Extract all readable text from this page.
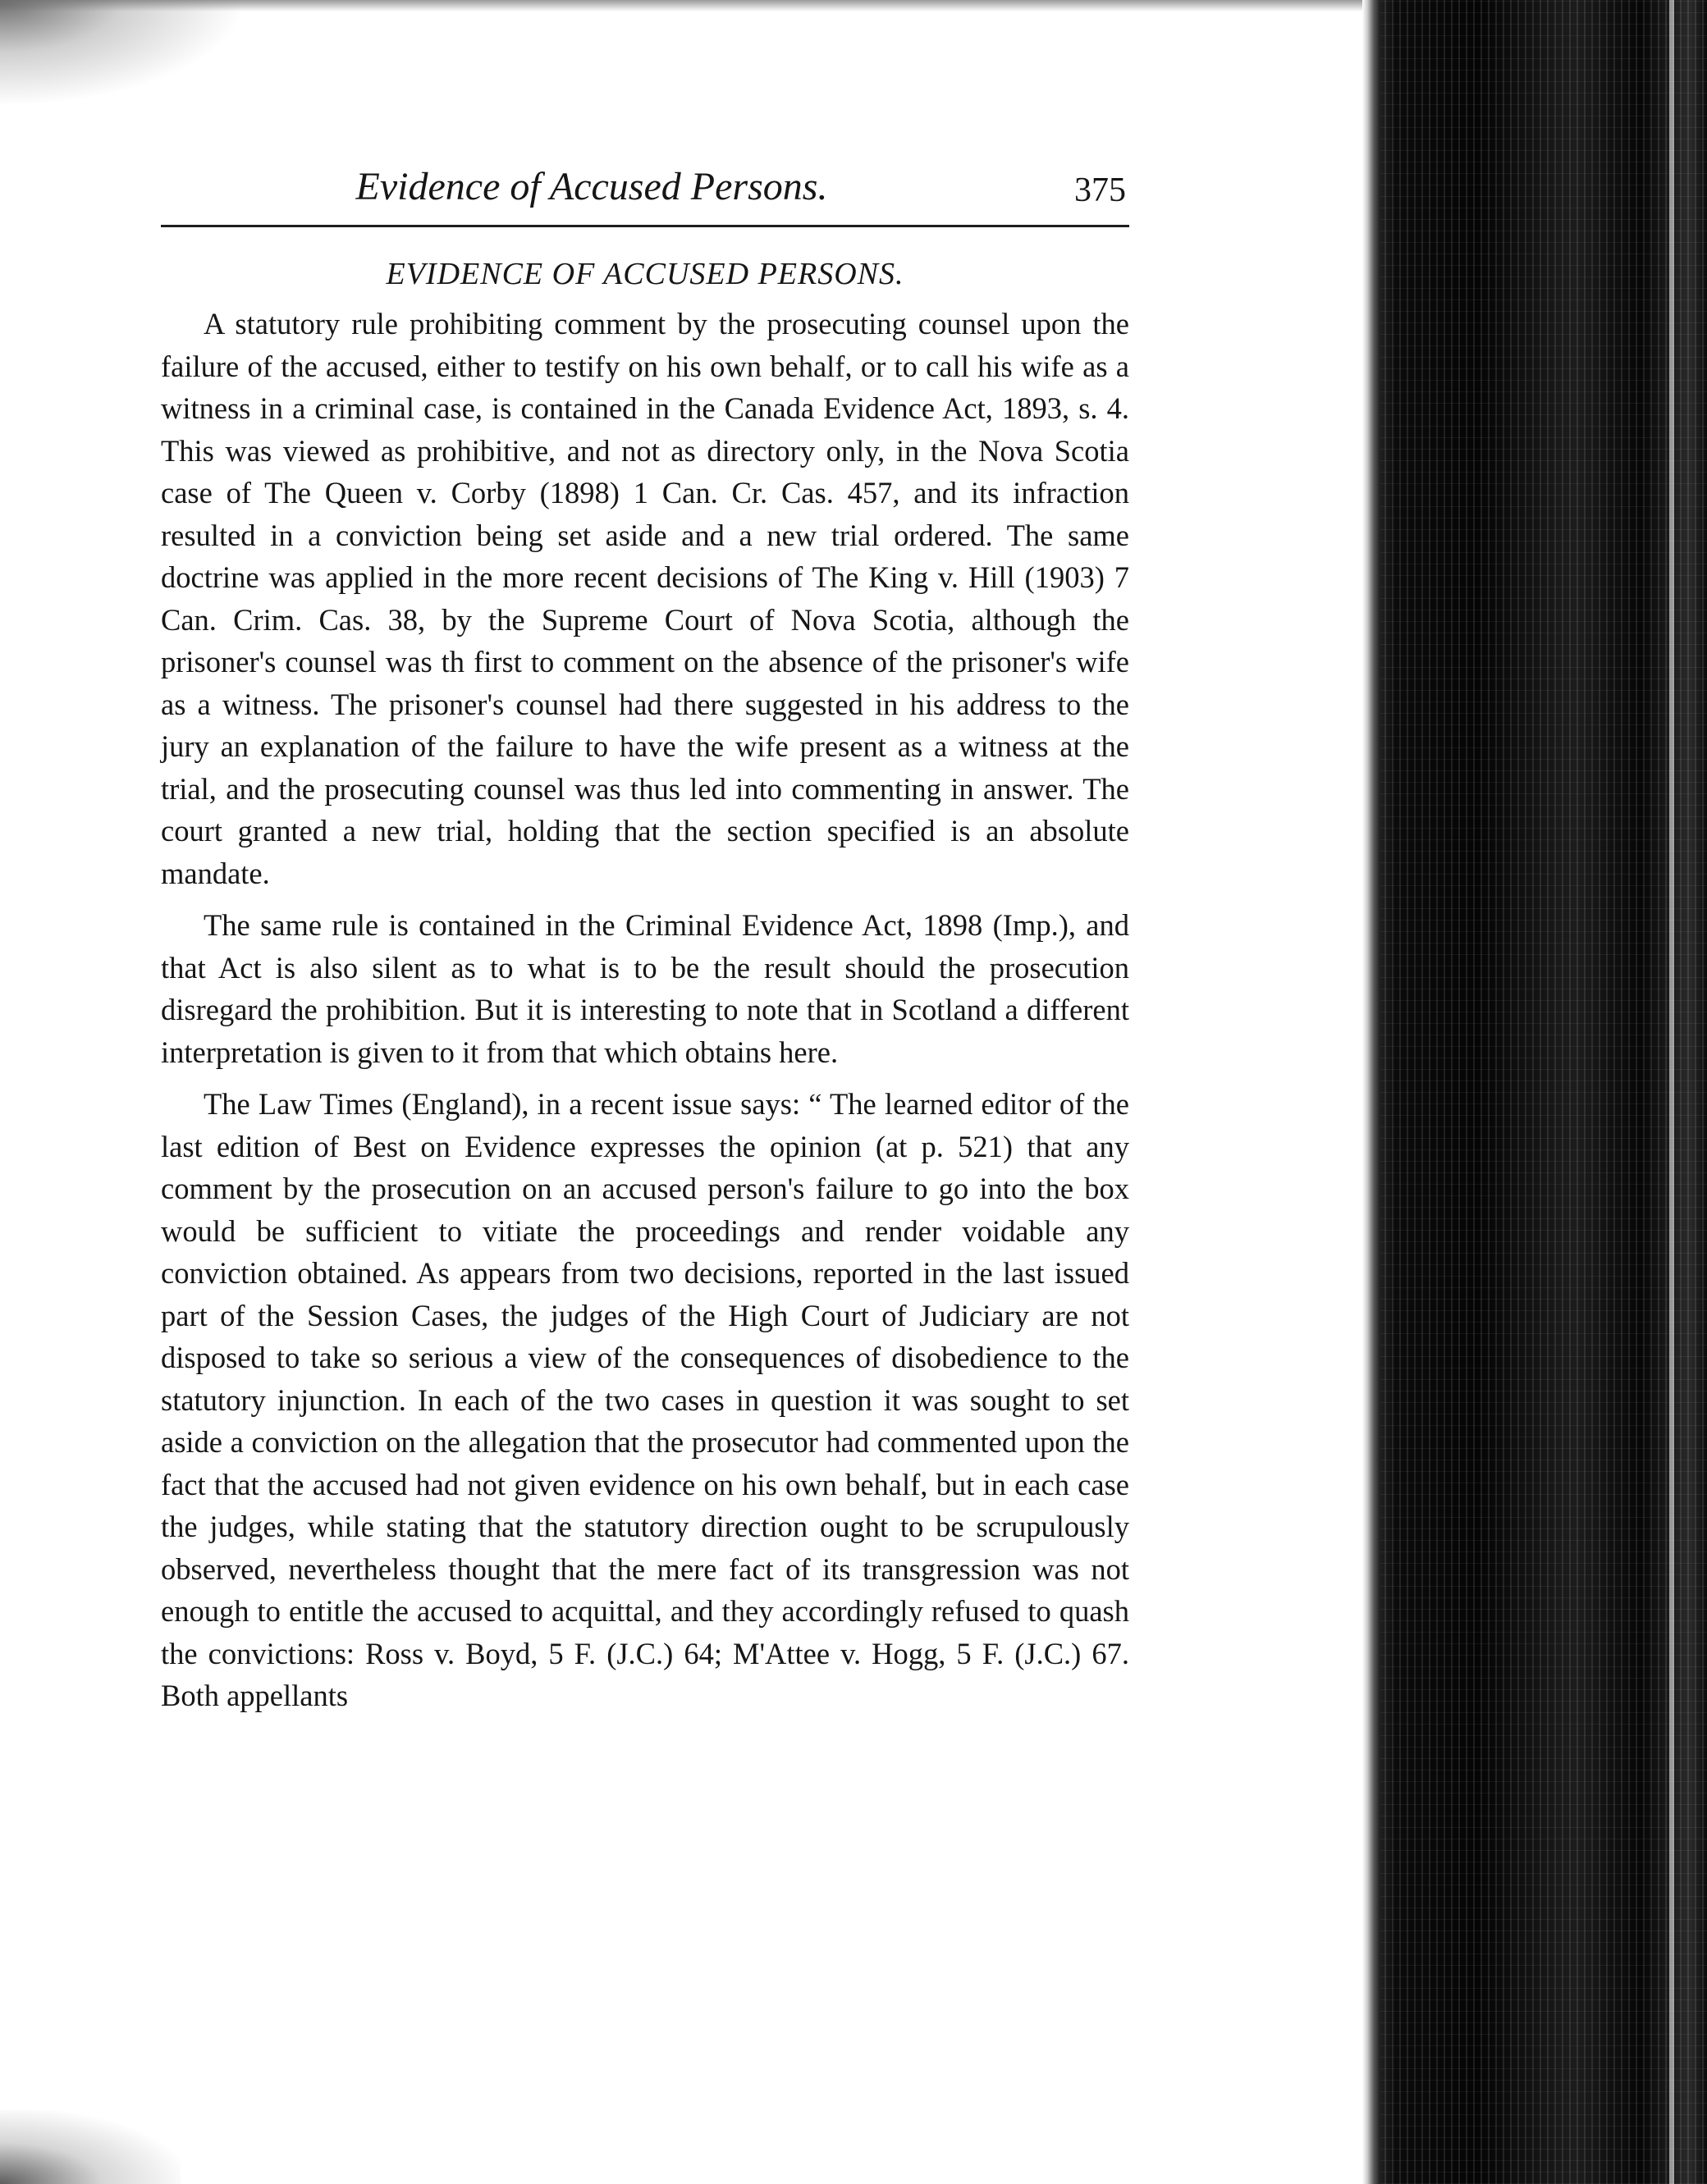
Evidence of Accused Persons.	375
EVIDENCE OF ACCUSED PERSONS.

A statutory rule prohibiting comment by the prosecuting counsel upon the failure of the accused, either to testify on his own behalf, or to call his wife as a witness in a criminal case, is contained in the Canada Evidence Act, 1893, s. 4. This was viewed as prohibitive, and not as directory only, in the Nova Scotia case of The Queen v. Corby (1898) 1 Can. Cr. Cas. 457, and its infraction resulted in a conviction being set aside and a new trial ordered. The same doctrine was applied in the more recent decisions of The King v. Hill (1903) 7 Can. Crim. Cas. 38, by the Supreme Court of Nova Scotia, although the prisoner's counsel was th first to comment on the absence of the prisoner's wife as a witness. The prisoner's counsel had there suggested in his address to the jury an explanation of the failure to have the wife present as a witness at the trial, and the prosecuting counsel was thus led into commenting in answer. The court granted a new trial, holding that the section specified is an absolute mandate.

The same rule is contained in the Criminal Evidence Act, 1898 (Imp.), and that Act is also silent as to what is to be the result should the prosecution disregard the prohibition. But it is interesting to note that in Scotland a different interpretation is given to it from that which obtains here.

The Law Times (England), in a recent issue says: “ The learned editor of the last edition of Best on Evidence expresses the opinion (at p. 521) that any comment by the prosecution on an accused person's failure to go into the box would be sufficient to vitiate the proceedings and render voidable any conviction obtained. As appears from two decisions, reported in the last issued part of the Session Cases, the judges of the High Court of Judiciary are not disposed to take so serious a view of the consequences of disobedience to the statutory injunction. In each of the two cases in question it was sought to set aside a conviction on the allegation that the prosecutor had commented upon the fact that the accused had not given evidence on his own behalf, but in each case the judges, while stating that the statutory direction ought to be scrupulously observed, nevertheless thought that the mere fact of its transgression was not enough to entitle the accused to acquittal, and they accordingly refused to quash the convictions: Ross v. Boyd, 5 F. (J.C.) 64; M'Attee v. Hogg, 5 F. (J.C.) 67. Both appellants
